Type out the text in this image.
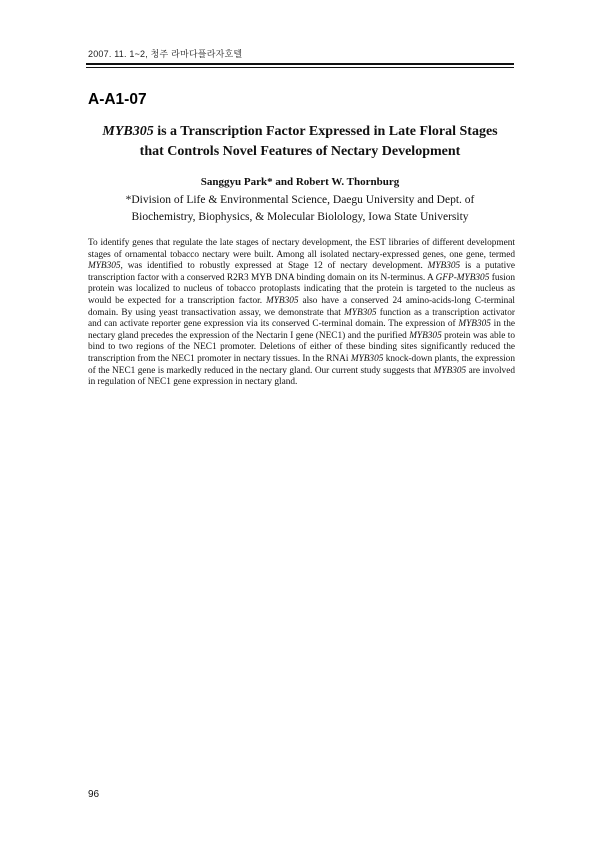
2007. 11. 1~2, 청주 라마다플라자호텔
A-A1-07
MYB305 is a Transcription Factor Expressed in Late Floral Stages
that Controls Novel Features of Nectary Development
Sanggyu Park* and Robert W. Thornburg
*Division of Life & Environmental Science, Daegu University and Dept. of
Biochemistry, Biophysics, & Molecular Biolology, Iowa State University
To identify genes that regulate the late stages of nectary development, the EST libraries of different development stages of ornamental tobacco nectary were built. Among all isolated nectary-expressed genes, one gene, termed MYB305, was identified to robustly expressed at Stage 12 of nectary development. MYB305 is a putative transcription factor with a conserved R2R3 MYB DNA binding domain on its N-terminus. A GFP-MYB305 fusion protein was localized to nucleus of tobacco protoplasts indicating that the protein is targeted to the nucleus as would be expected for a transcription factor. MYB305 also have a conserved 24 amino-acids-long C-terminal domain. By using yeast transactivation assay, we demonstrate that MYB305 function as a transcription activator and can activate reporter gene expression via its conserved C-terminal domain. The expression of MYB305 in the nectary gland precedes the expression of the Nectarin I gene (NEC1) and the purified MYB305 protein was able to bind to two regions of the NEC1 promoter. Deletions of either of these binding sites significantly reduced the transcription from the NEC1 promoter in nectary tissues. In the RNAi MYB305 knock-down plants, the expression of the NEC1 gene is markedly reduced in the nectary gland. Our current study suggests that MYB305 are involved in regulation of NEC1 gene expression in nectary gland.
96
